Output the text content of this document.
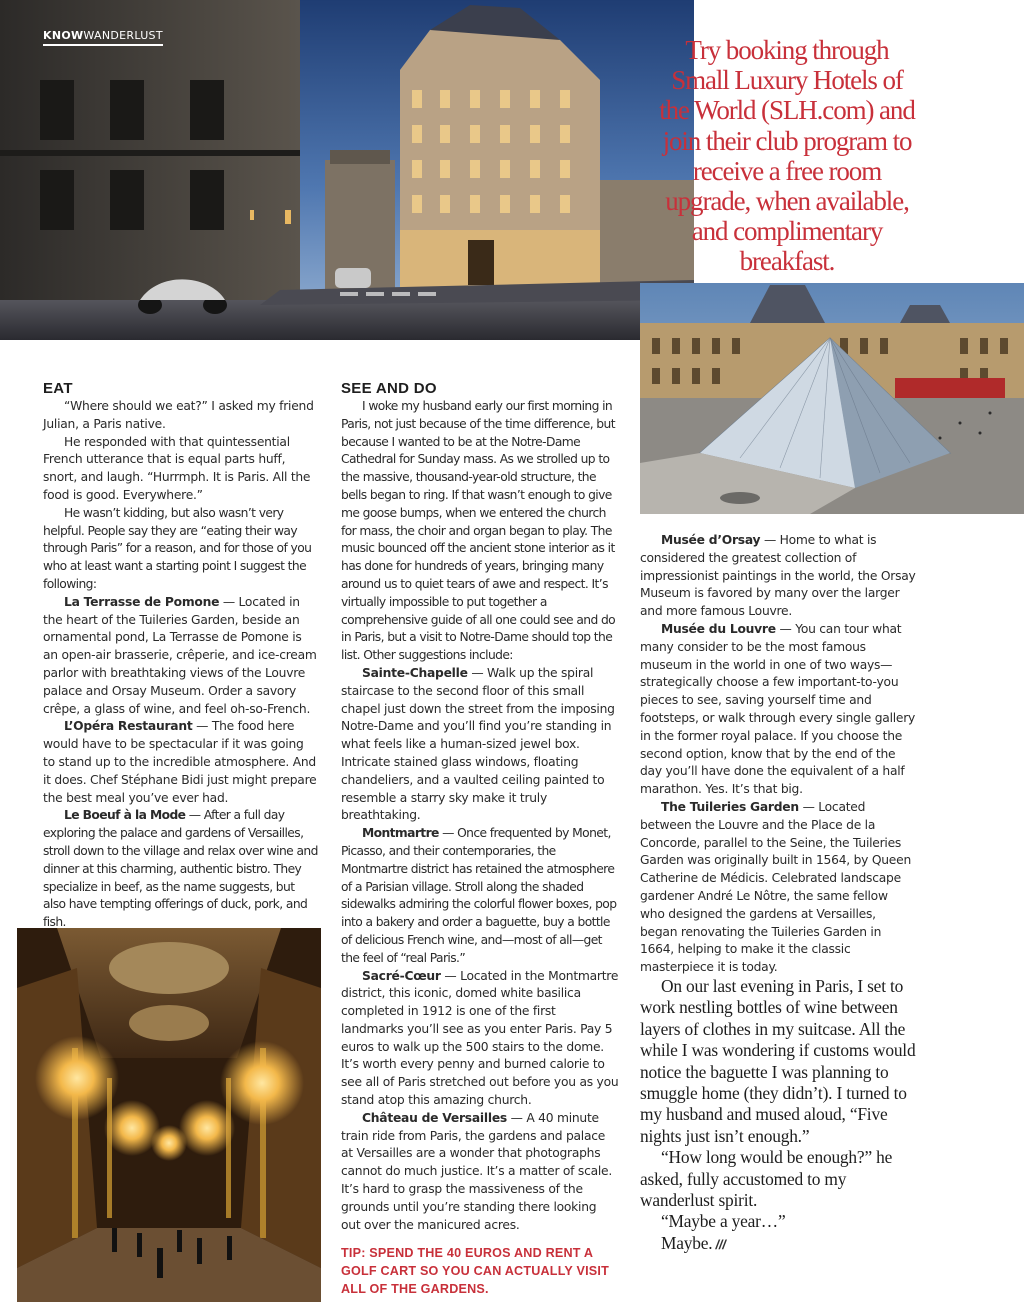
KNOWWANDERLUST	Try booking through Small Luxury Hotels of the World (SLH.com) and join their club program to receive a free room upgrade, when available, and complimentary breakfast.
EAT

“Where should we eat?” I asked my friend Julian, a Paris native.

He responded with that quintessential French utterance that is equal parts huff, snort, and laugh. “Hurrmph. It is Paris. All the food is good. Everywhere.”

He wasn’t kidding, but also wasn’t very helpful. People say they are “eating their way through Paris” for a reason, and for those of you who at least want a starting point I suggest the following:

La Terrasse de Pomone — Located in the heart of the Tuileries Garden, beside an ornamental pond, La Terrasse de Pomone is an open-air brasserie, crêperie, and ice-cream parlor with breathtaking views of the Louvre palace and Orsay Museum. Order a savory crêpe, a glass of wine, and feel oh-so-French.

L’Opéra Restaurant — The food here would have to be spectacular if it was going to stand up to the incredible atmosphere. And it does. Chef Stéphane Bidi just might prepare the best meal you’ve ever had.

Le Boeuf à la Mode — After a full day exploring the palace and gardens of Versailles, stroll down to the village and relax over wine and dinner at this charming, authentic bistro. They specialize in beef, as the name suggests, but also have tempting offerings of duck, pork, and fish.

SEE AND DO

I woke my husband early our first morning in Paris, not just because of the time difference, but because I wanted to be at the Notre-Dame Cathedral for Sunday mass. As we strolled up to the massive, thousand-year-old structure, the bells began to ring. If that wasn’t enough to give me goose bumps, when we entered the church for mass, the choir and organ began to play. The music bounced off the ancient stone interior as it has done for hundreds of years, bringing many around us to quiet tears of awe and respect. It’s virtually impossible to put together a comprehensive guide of all one could see and do in Paris, but a visit to Notre-Dame should top the list. Other suggestions include:

Sainte-Chapelle — Walk up the spiral staircase to the second floor of this small chapel just down the street from the imposing Notre-Dame and you’ll find you’re standing in what feels like a human-sized jewel box. Intricate stained glass windows, floating chandeliers, and a vaulted ceiling painted to resemble a starry sky make it truly breathtaking.

Montmartre — Once frequented by Monet, Picasso, and their contemporaries, the Montmartre district has retained the atmosphere of a Parisian village. Stroll along the shaded sidewalks admiring the colorful flower boxes, pop into a bakery and order a baguette, buy a bottle of delicious French wine, and—most of all—get the feel of “real Paris.”

Sacré-Cœur — Located in the Montmartre district, this iconic, domed white basilica completed in 1912 is one of the first landmarks you’ll see as you enter Paris. Pay 5 euros to walk up the 500 stairs to the dome. It’s worth every penny and burned calorie to see all of Paris stretched out before you as you stand atop this amazing church.

Château de Versailles — A 40 minute train ride from Paris, the gardens and palace at Versailles are a wonder that photographs cannot do much justice. It’s a matter of scale. It’s hard to grasp the massiveness of the grounds until you’re standing there looking out over the manicured acres.

TIP: SPEND THE 40 EUROS AND RENT A GOLF CART SO YOU CAN ACTUALLY VISIT ALL OF THE GARDENS.

Musée d’Orsay — Home to what is considered the greatest collection of impressionist paintings in the world, the Orsay Museum is favored by many over the larger and more famous Louvre.

Musée du Louvre — You can tour what many consider to be the most famous museum in the world in one of two ways—strategically choose a few important-to-you pieces to see, saving yourself time and footsteps, or walk through every single gallery in the former royal palace. If you choose the second option, know that by the end of the day you’ll have done the equivalent of a half marathon. Yes. It’s that big.

The Tuileries Garden — Located between the Louvre and the Place de la Concorde, parallel to the Seine, the Tuileries Garden was originally built in 1564, by Queen Catherine de Médicis. Celebrated landscape gardener André Le Nôtre, the same fellow who designed the gardens at Versailles, began renovating the Tuileries Garden in 1664, helping to make it the classic masterpiece it is today.

On our last evening in Paris, I set to work nestling bottles of wine between layers of clothes in my suitcase. All the while I was wondering if customs would notice the baguette I was planning to smuggle home (they didn’t). I turned to my husband and mused aloud, “Five nights just isn’t enough.”

“How long would be enough?” he asked, fully accustomed to my wanderlust spirit.

“Maybe a year…”

Maybe. ///
